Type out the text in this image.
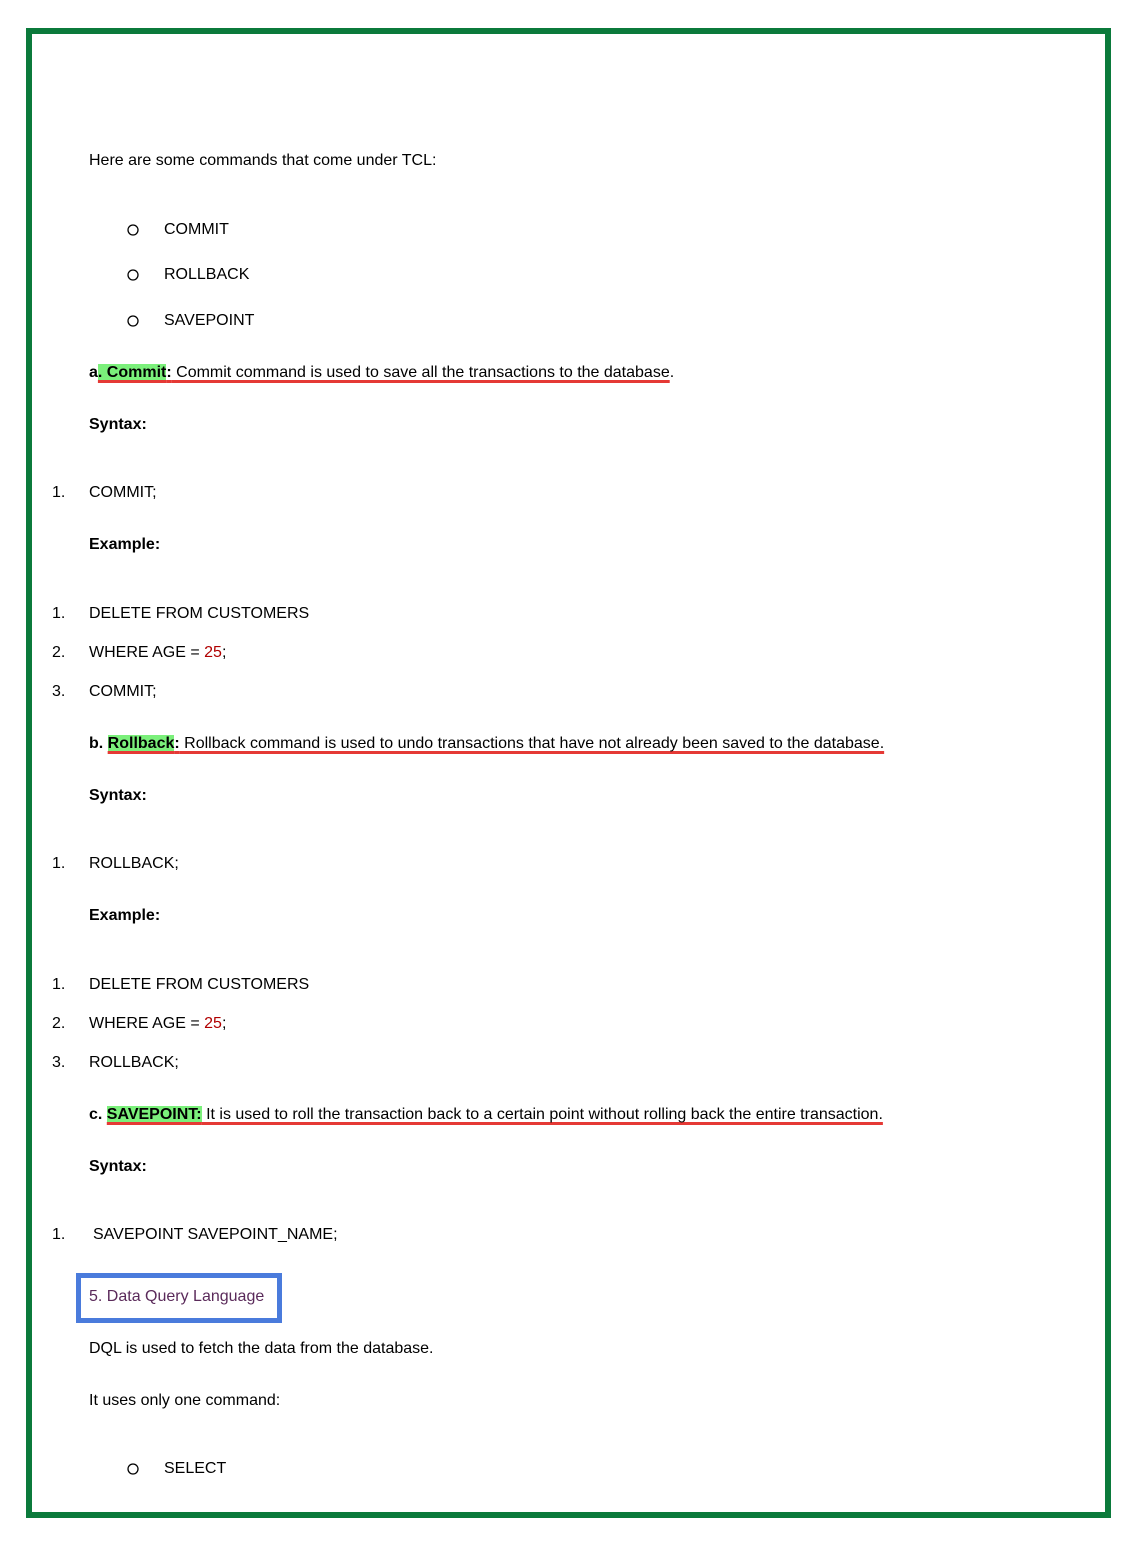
Here are some commands that come under TCL:
COMMIT
ROLLBACK
SAVEPOINT
a. Commit: Commit command is used to save all the transactions to the database.
Syntax:
1. COMMIT;
Example:
1. DELETE FROM CUSTOMERS
2. WHERE AGE = 25;
3. COMMIT;
b. Rollback: Rollback command is used to undo transactions that have not already been saved to the database.
Syntax:
1. ROLLBACK;
Example:
1. DELETE FROM CUSTOMERS
2. WHERE AGE = 25;
3. ROLLBACK;
c. SAVEPOINT: It is used to roll the transaction back to a certain point without rolling back the entire transaction.
Syntax:
1. SAVEPOINT SAVEPOINT_NAME;
5. Data Query Language
DQL is used to fetch the data from the database.
It uses only one command:
SELECT
